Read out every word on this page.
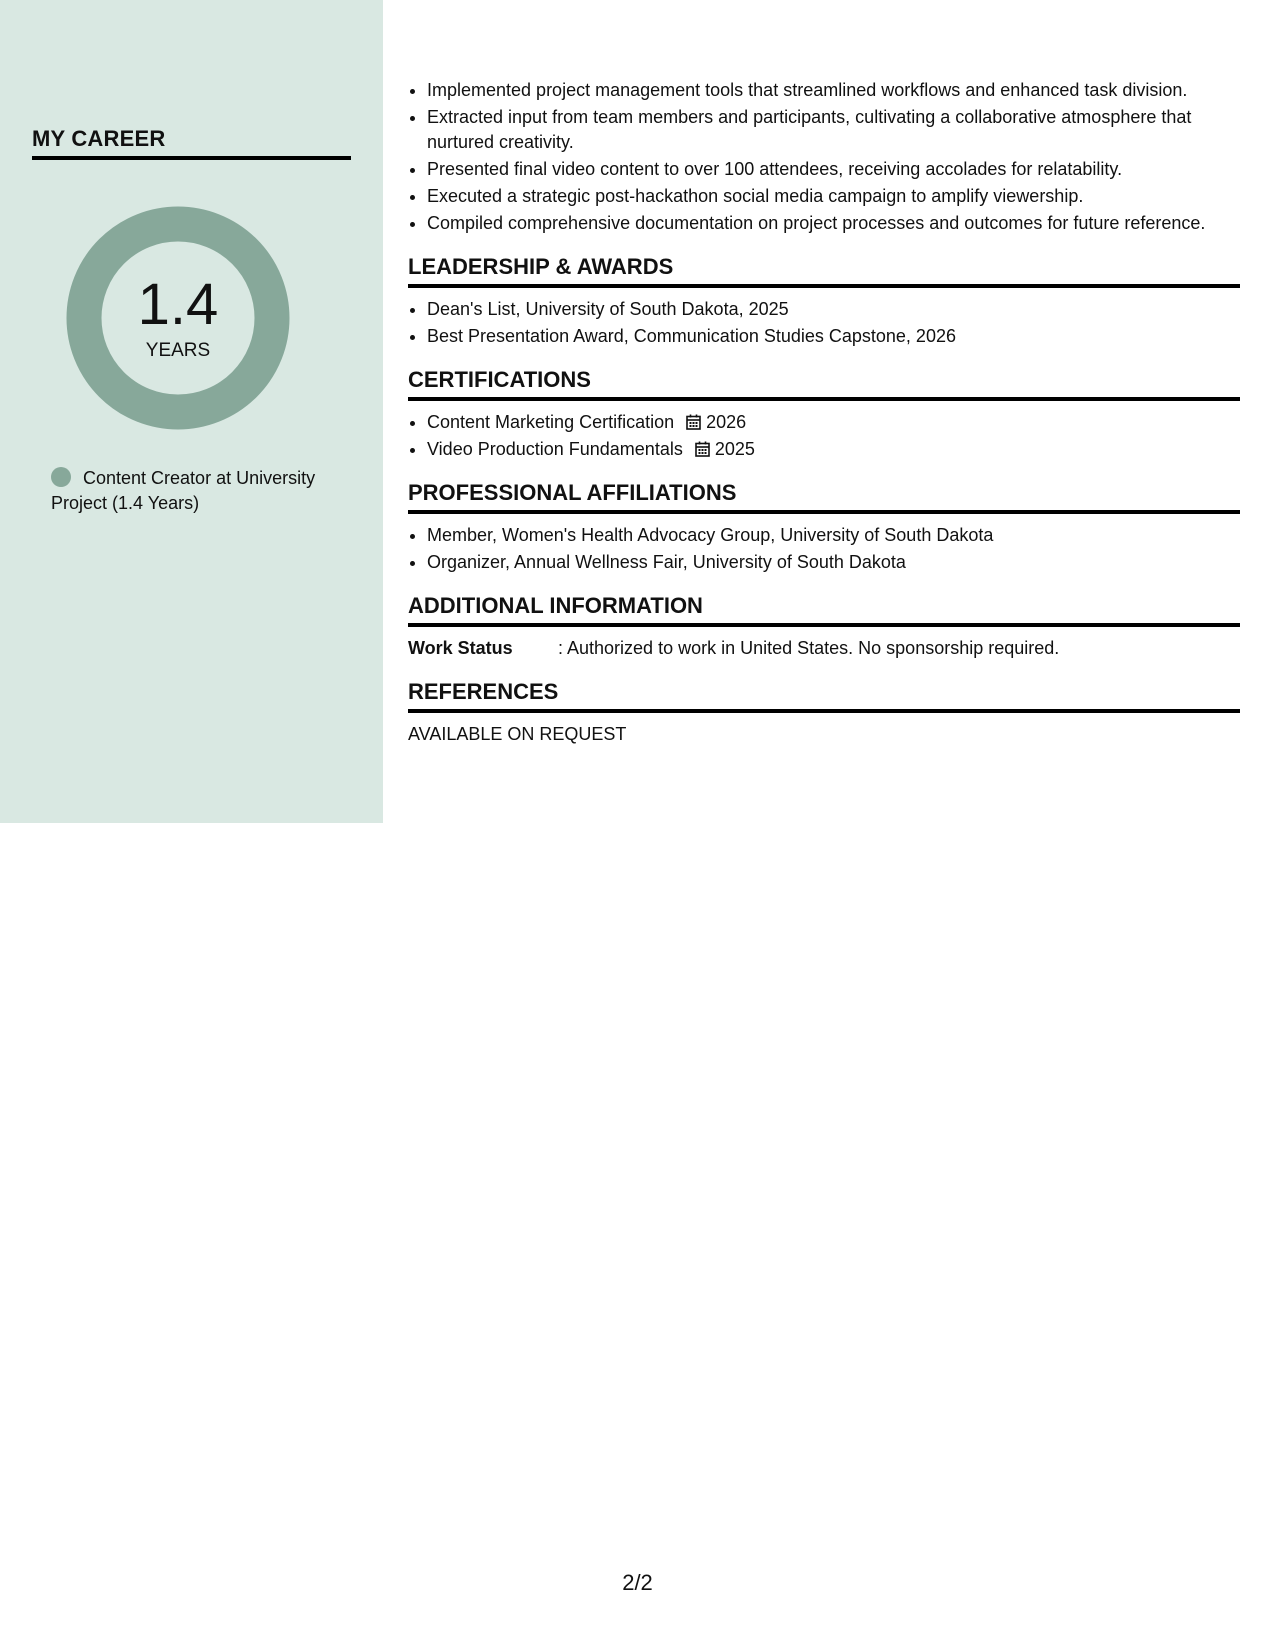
MY CAREER
1.4
YEARS
Content Creator at University Project (1.4 Years)
• Implemented project management tools that streamlined workflows and enhanced task division.
• Extracted input from team members and participants, cultivating a collaborative atmosphere that nurtured creativity.
• Presented final video content to over 100 attendees, receiving accolades for relatability.
• Executed a strategic post-hackathon social media campaign to amplify viewership.
• Compiled comprehensive documentation on project processes and outcomes for future reference.
LEADERSHIP & AWARDS
• Dean's List, University of South Dakota, 2025
• Best Presentation Award, Communication Studies Capstone, 2026
CERTIFICATIONS
• Content Marketing Certification 2026
• Video Production Fundamentals 2025
PROFESSIONAL AFFILIATIONS
• Member, Women's Health Advocacy Group, University of South Dakota
• Organizer, Annual Wellness Fair, University of South Dakota
ADDITIONAL INFORMATION
Work Status	: Authorized to work in United States. No sponsorship required.
REFERENCES
AVAILABLE ON REQUEST
2/2
